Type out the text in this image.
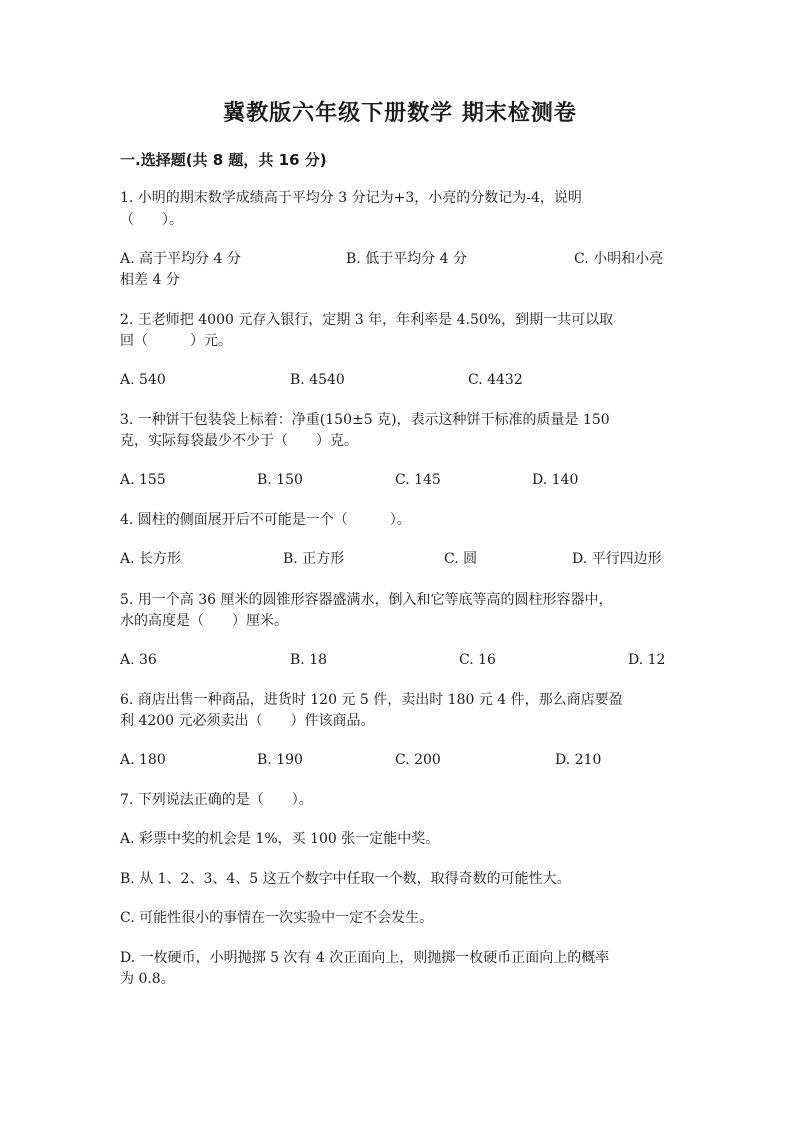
冀教版六年级下册数学 期末检测卷
一.选择题(共 8 题，共 16 分)
1. 小明的期末数学成绩高于平均分 3 分记为+3，小亮的分数记为-4，说明
（　　）。
A. 高于平均分 4 分	B. 低于平均分 4 分	C. 小明和小亮
相差 4 分
2. 王老师把 4000 元存入银行，定期 3 年，年利率是 4.50%，到期一共可以取
回（　　　）元。
A. 540	B. 4540	C. 4432
3. 一种饼干包装袋上标着：净重(150±5 克)，表示这种饼干标准的质量是 150
克，实际每袋最少不少于（　　）克。
A. 155	B. 150	C. 145	D. 140
4. 圆柱的侧面展开后不可能是一个（　　　）。
A. 长方形	B. 正方形	C. 圆	D. 平行四边形
5. 用一个高 36 厘米的圆锥形容器盛满水，倒入和它等底等高的圆柱形容器中，
水的高度是（　　）厘米。
A. 36	B. 18	C. 16	D. 12
6. 商店出售一种商品，进货时 120 元 5 件，卖出时 180 元 4 件，那么商店要盈
利 4200 元必须卖出（　　）件该商品。
A. 180	B. 190	C. 200	D. 210
7. 下列说法正确的是（　　）。
A. 彩票中奖的机会是 1%，买 100 张一定能中奖。
B. 从 1、2、3、4、5 这五个数字中任取一个数，取得奇数的可能性大。
C. 可能性很小的事情在一次实验中一定不会发生。
D. 一枚硬币，小明抛掷 5 次有 4 次正面向上，则抛掷一枚硬币正面向上的概率
为 0.8。
